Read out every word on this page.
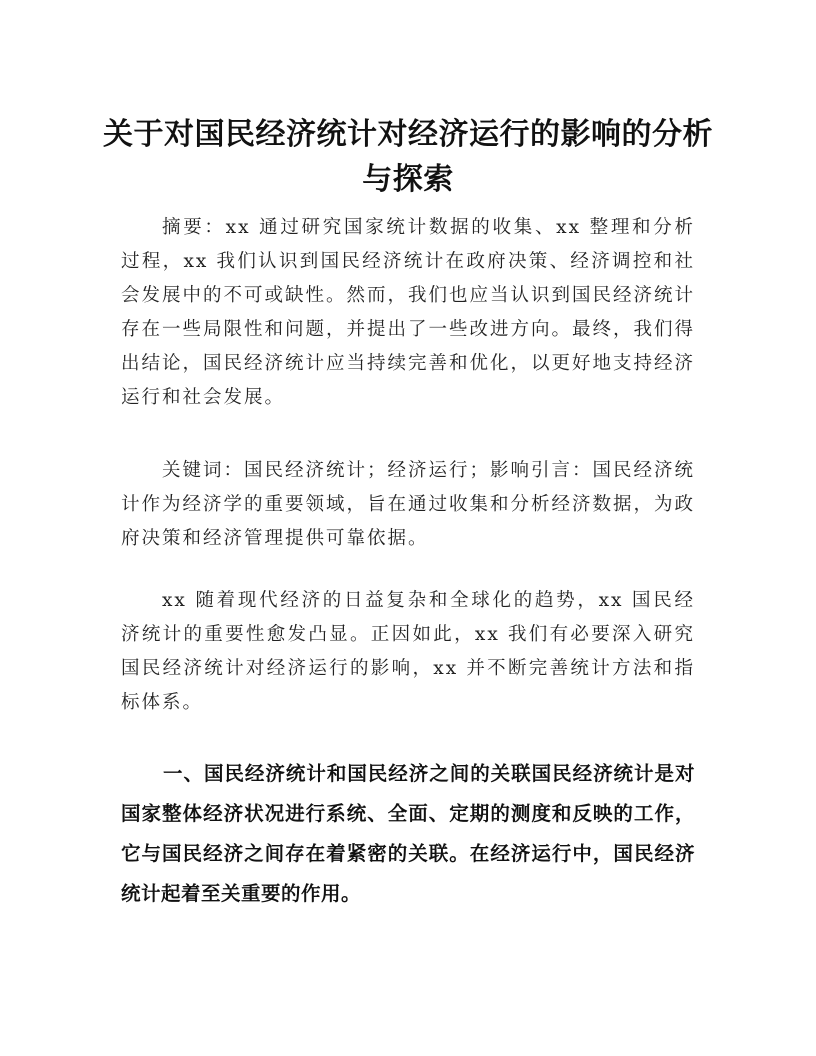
关于对国民经济统计对经济运行的影响的分析与探索

摘要：xx 通过研究国家统计数据的收集、xx 整理和分析过程，xx 我们认识到国民经济统计在政府决策、经济调控和社会发展中的不可或缺性。然而，我们也应当认识到国民经济统计存在一些局限性和问题，并提出了一些改进方向。最终，我们得出结论，国民经济统计应当持续完善和优化，以更好地支持经济运行和社会发展。

关键词：国民经济统计；经济运行；影响引言：国民经济统计作为经济学的重要领域，旨在通过收集和分析经济数据，为政府决策和经济管理提供可靠依据。

xx 随着现代经济的日益复杂和全球化的趋势，xx 国民经济统计的重要性愈发凸显。正因如此，xx 我们有必要深入研究国民经济统计对经济运行的影响，xx 并不断完善统计方法和指标体系。

一、国民经济统计和国民经济之间的关联国民经济统计是对国家整体经济状况进行系统、全面、定期的测度和反映的工作，它与国民经济之间存在着紧密的关联。在经济运行中，国民经济统计起着至关重要的作用。
